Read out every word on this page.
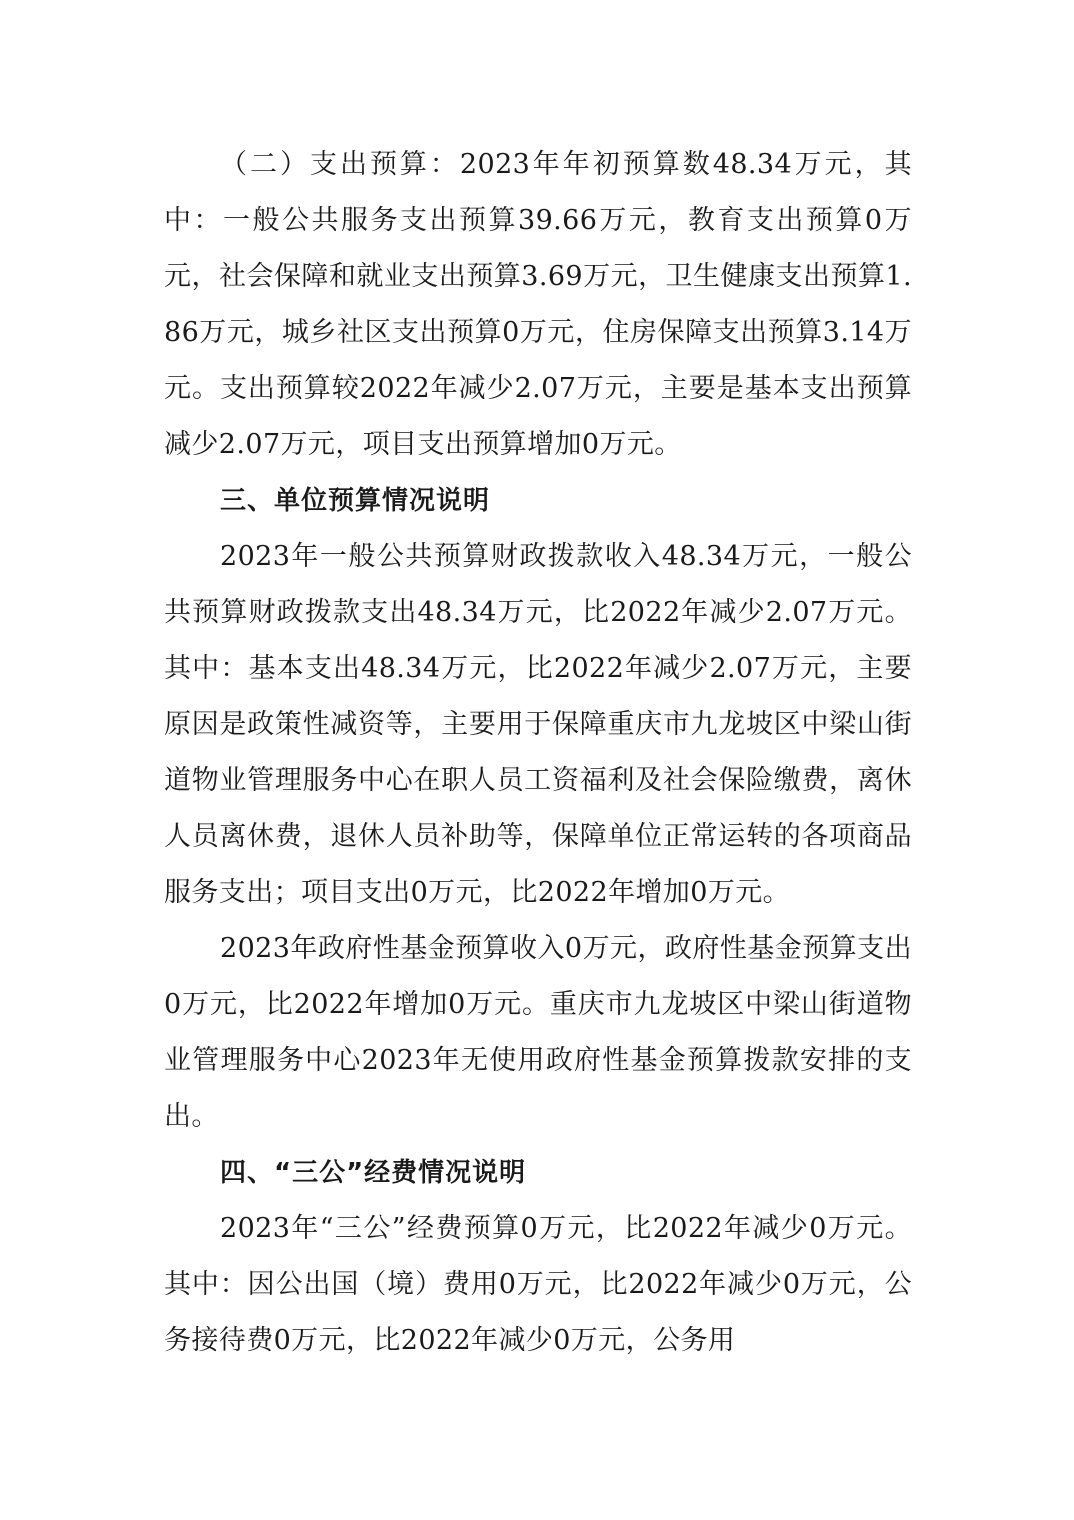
（二）支出预算：2023年年初预算数48.34万元，其中：一般公共服务支出预算39.66万元，教育支出预算0万元，社会保障和就业支出预算3.69万元，卫生健康支出预算1.86万元，城乡社区支出预算0万元，住房保障支出预算3.14万元。支出预算较2022年减少2.07万元，主要是基本支出预算减少2.07万元，项目支出预算增加0万元。

三、单位预算情况说明

2023年一般公共预算财政拨款收入48.34万元，一般公共预算财政拨款支出48.34万元，比2022年减少2.07万元。其中：基本支出48.34万元，比2022年减少2.07万元，主要原因是政策性减资等，主要用于保障重庆市九龙坡区中梁山街道物业管理服务中心在职人员工资福利及社会保险缴费，离休人员离休费，退休人员补助等，保障单位正常运转的各项商品服务支出；项目支出0万元，比2022年增加0万元。

2023年政府性基金预算收入0万元，政府性基金预算支出0万元，比2022年增加0万元。重庆市九龙坡区中梁山街道物业管理服务中心2023年无使用政府性基金预算拨款安排的支出。

四、“三公”经费情况说明

2023年“三公”经费预算0万元，比2022年减少0万元。其中：因公出国（境）费用0万元，比2022年减少0万元，公务接待费0万元，比2022年减少0万元，公务用
